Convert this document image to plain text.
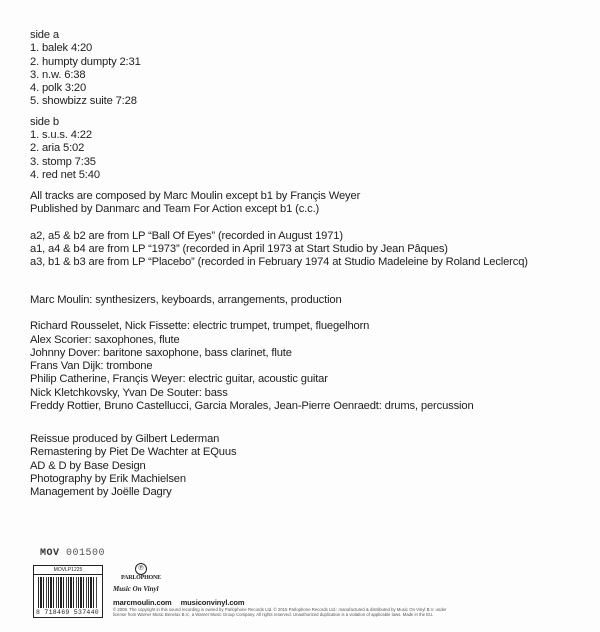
side a
1. balek 4:20
2. humpty dumpty 2:31
3. n.w. 6:38
4. polk 3:20
5. showbizz suite 7:28
side b
1. s.u.s. 4:22
2. aria 5:02
3. stomp 7:35
4. red net 5:40
All tracks are composed by Marc Moulin except b1 by Françis Weyer
Published by Danmarc and Team For Action except b1 (c.c.)
a2, a5 & b2 are from LP “Ball Of Eyes” (recorded in August 1971)
a1, a4 & b4 are from LP “1973” (recorded in April 1973 at Start Studio by Jean Pâques)
a3, b1 & b3 are from LP “Placebo” (recorded in February 1974 at Studio Madeleine by Roland Leclercq)
Marc Moulin: synthesizers, keyboards, arrangements, production
Richard Rousselet, Nick Fissette: electric trumpet, trumpet, fluegelhorn
Alex Scorier: saxophones, flute
Johnny Dover: baritone saxophone, bass clarinet, flute
Frans Van Dijk: trombone
Philip Catherine, Françis Weyer: electric guitar, acoustic guitar
Nick Kletchkovsky, Yvan De Souter: bass
Freddy Rottier, Bruno Castellucci, Garcia Morales, Jean-Pierre Oenraedt: drums, percussion
Reissue produced by Gilbert Lederman
Remastering by Piet De Wachter at EQuus
AD & D by Base Design
Photography by Erik Machielsen
Management by Joëlle Dagry
MOV 001500
MOVLP1225
8 718469 537440
℗
PARLOPHONE
Music On Vinyl
marcmoulin.com musiconvinyl.com
© 2008. The copyright in this sound recording is owned by Parlophone Records Ltd. © 2015 Parlophone Records Ltd.: manufactured & distributed by Music On Vinyl B.V. under
license from Warner Music Benelux B.V., a Warner Music Group Company. All rights reserved. Unauthorized duplication is a violation of applicable laws. Made in the EU.
